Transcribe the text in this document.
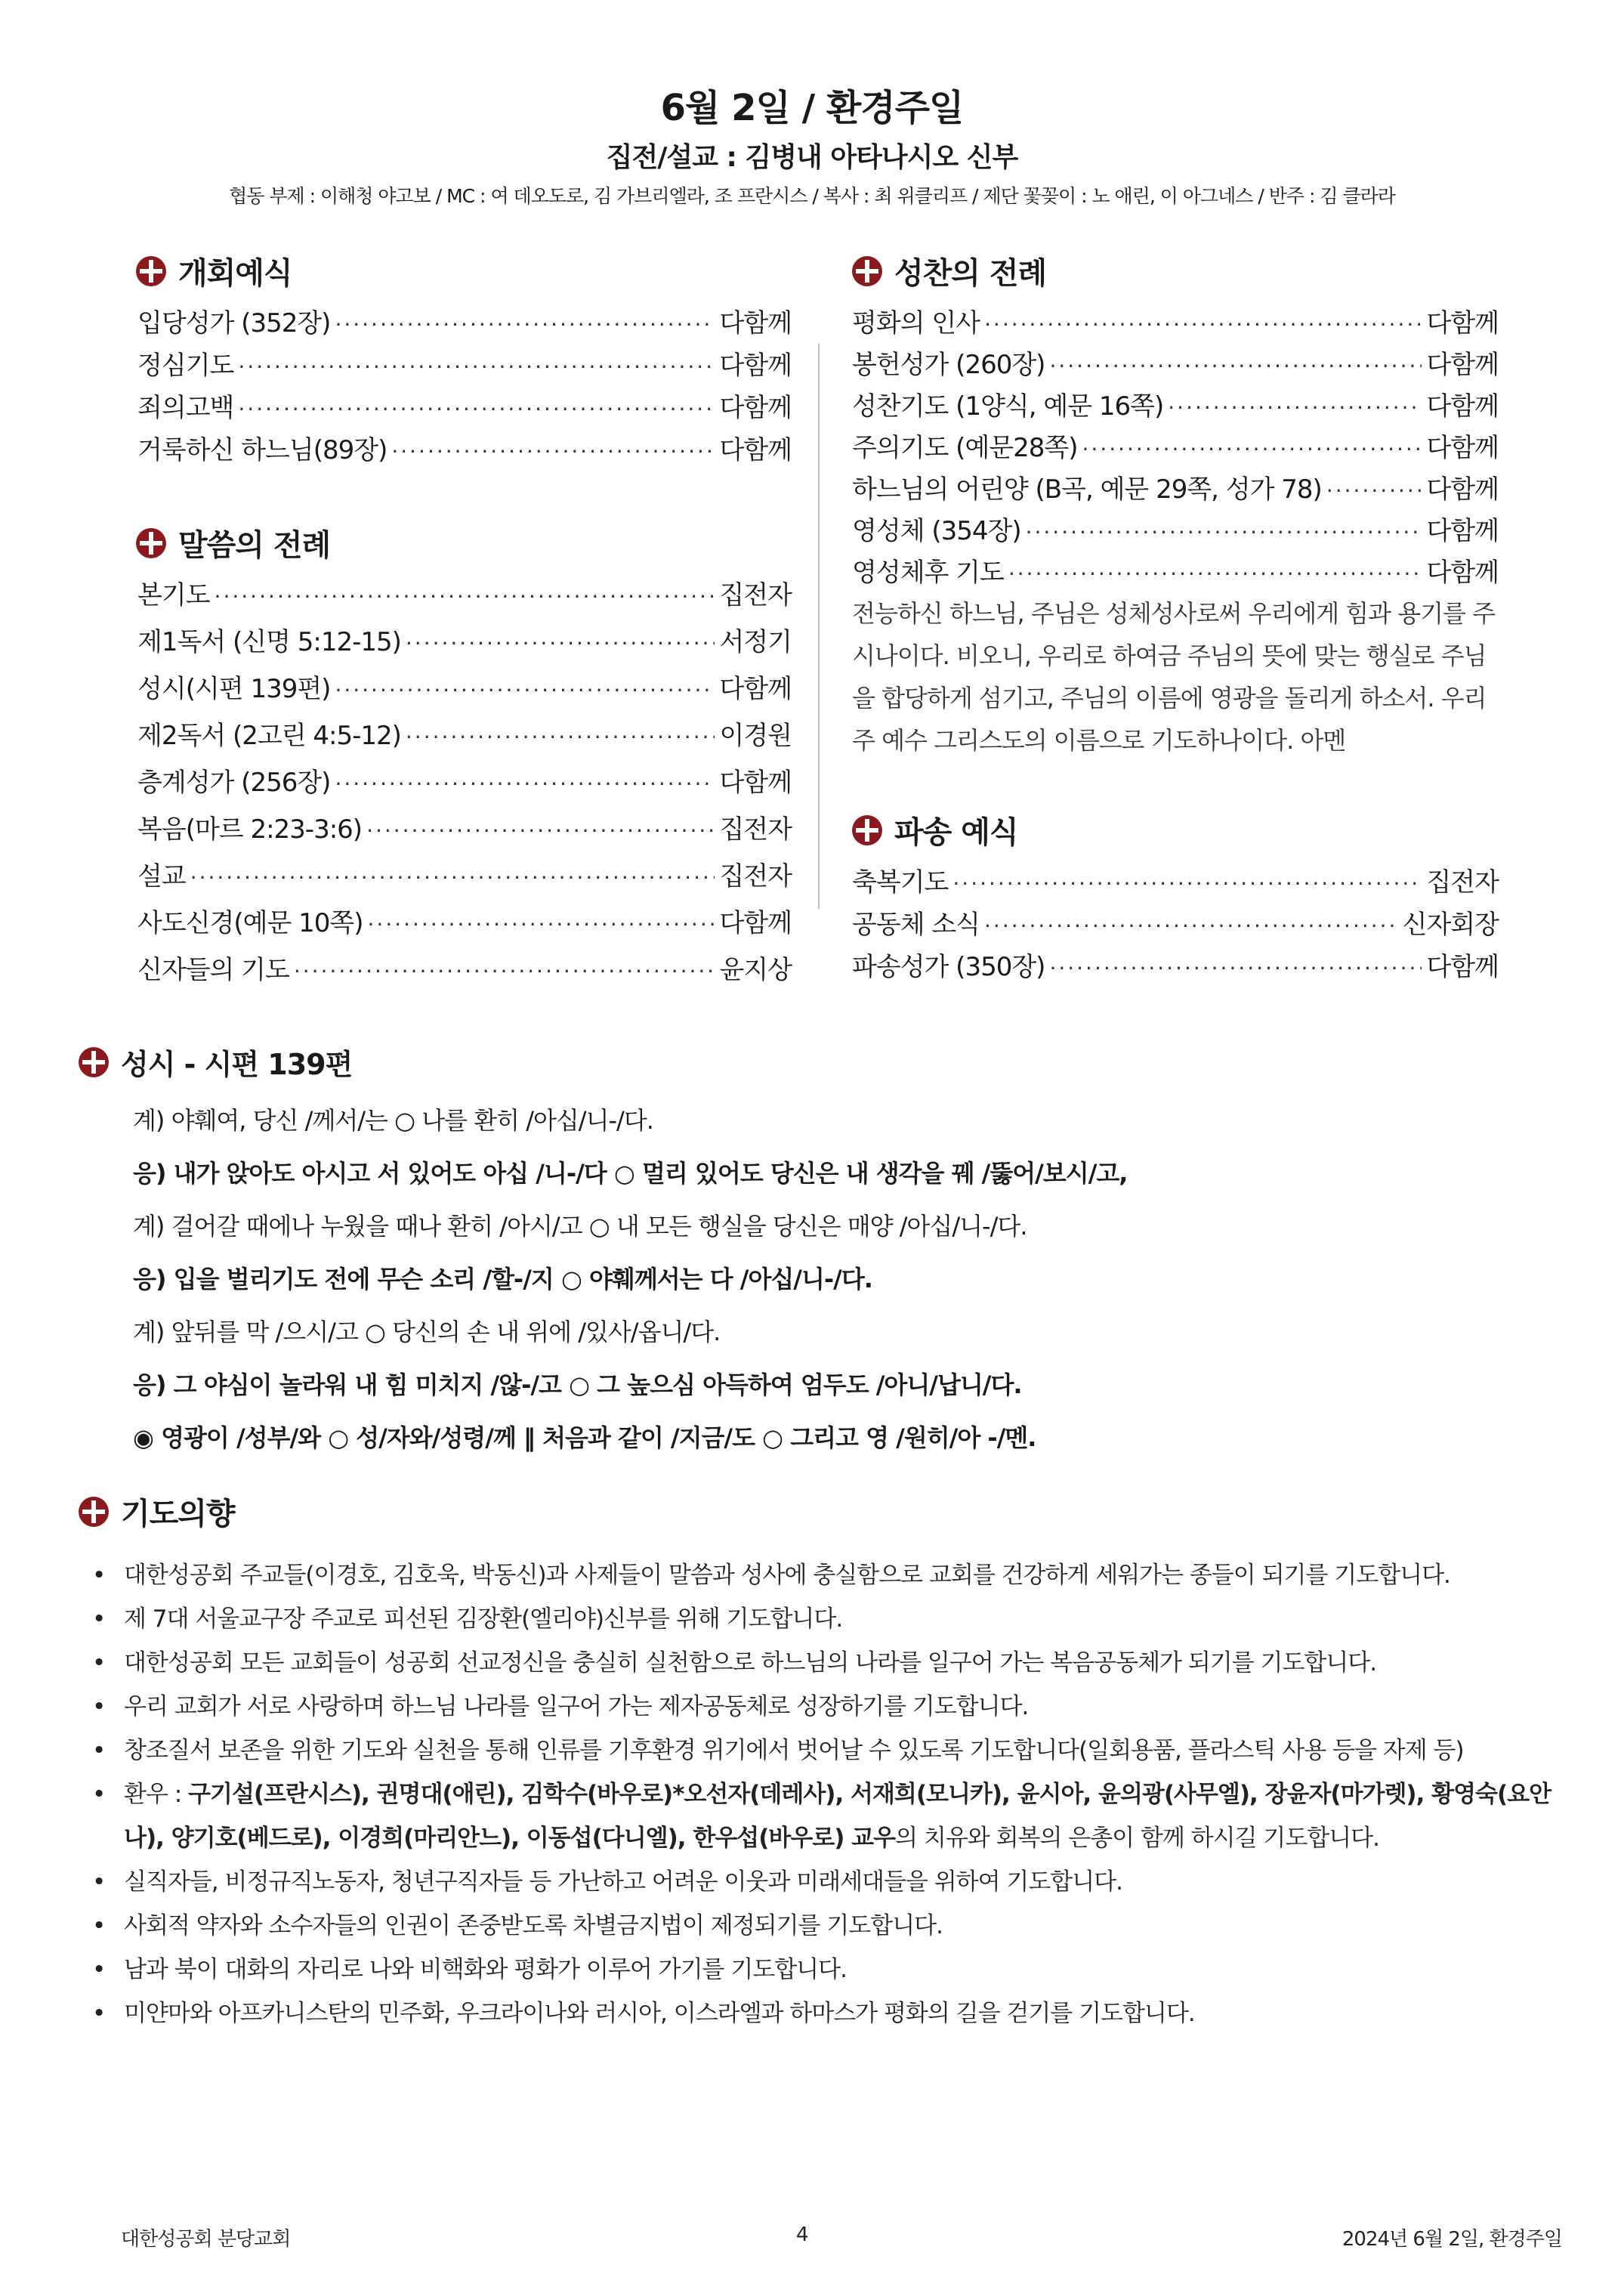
6월 2일 / 환경주일
집전/설교 : 김병내 아타나시오 신부
협동 부제 : 이해청 야고보 / MC : 여 데오도로, 김 가브리엘라, 조 프란시스 / 복사 : 최 위클리프 / 제단 꽃꽂이 : 노 애린, 이 아그네스 / 반주 : 김 클라라
개회예식
입당성가 (352장) ·····	다함께
정심기도 ·····	다함께
죄의고백 ·····	다함께
거룩하신 하느님(89장) ·····	다함께
말씀의 전례
본기도 ·····	집전자
제1독서 (신명 5:12-15) ·····	서정기
성시(시편 139편) ·····	다함께
제2독서 (2고린 4:5-12) ·····	이경원
층계성가 (256장) ·····	다함께
복음(마르 2:23-3:6) ·····	집전자
설교 ·····	집전자
사도신경(예문 10쪽) ·····	다함께
신자들의 기도 ·····	윤지상
성찬의 전례
평화의 인사 ·····	다함께
봉헌성가 (260장) ·····	다함께
성찬기도 (1양식, 예문 16쪽) ·····	다함께
주의기도 (예문28쪽) ·····	다함께
하느님의 어린양 (B곡, 예문 29쪽, 성가 78) ·····	다함께
영성체 (354장) ·····	다함께
영성체후 기도 ·····	다함께
전능하신 하느님, 주님은 성체성사로써 우리에게 힘과 용기를 주시나이다. 비오니, 우리로 하여금 주님의 뜻에 맞는 행실로 주님을 합당하게 섬기고, 주님의 이름에 영광을 돌리게 하소서. 우리 주 예수 그리스도의 이름으로 기도하나이다. 아멘
파송 예식
축복기도 ·····	집전자
공동체 소식 ·····	신자회장
파송성가 (350장) ·····	다함께
성시 - 시편 139편
계) 야훼여, 당신 /께서/는 ○ 나를 환히 /아십/니-/다.
응) 내가 앉아도 아시고 서 있어도 아십 /니-/다 ○ 멀리 있어도 당신은 내 생각을 꿰 /뚫어/보시/고,
계) 걸어갈 때에나 누웠을 때나 환히 /아시/고 ○ 내 모든 행실을 당신은 매양 /아십/니-/다.
응) 입을 벌리기도 전에 무슨 소리 /할-/지 ○ 야훼께서는 다 /아십/니-/다.
계) 앞뒤를 막 /으시/고 ○ 당신의 손 내 위에 /있사/옵니/다.
응) 그 야심이 놀라워 내 힘 미치지 /않-/고 ○ 그 높으심 아득하여 엄두도 /아니/납니/다.
◉ 영광이 /성부/와 ○ 성/자와/성령/께 ‖ 처음과 같이 /지금/도 ○ 그리고 영 /원히/아 -/멘.
기도의향
• 대한성공회 주교들(이경호, 김호욱, 박동신)과 사제들이 말씀과 성사에 충실함으로 교회를 건강하게 세워가는 종들이 되기를 기도합니다.
• 제 7대 서울교구장 주교로 피선된 김장환(엘리야)신부를 위해 기도합니다.
• 대한성공회 모든 교회들이 성공회 선교정신을 충실히 실천함으로 하느님의 나라를 일구어 가는 복음공동체가 되기를 기도합니다.
• 우리 교회가 서로 사랑하며 하느님 나라를 일구어 가는 제자공동체로 성장하기를 기도합니다.
• 창조질서 보존을 위한 기도와 실천을 통해 인류를 기후환경 위기에서 벗어날 수 있도록 기도합니다(일회용품, 플라스틱 사용 등을 자제 등)
• 환우 : 구기설(프란시스), 권명대(애린), 김학수(바우로)*오선자(데레사), 서재희(모니카), 윤시아, 윤의광(사무엘), 장윤자(마가렛), 황영숙(요안나), 양기호(베드로), 이경희(마리안느), 이동섭(다니엘), 한우섭(바우로) 교우의 치유와 회복의 은총이 함께 하시길 기도합니다.
• 실직자들, 비정규직노동자, 청년구직자들 등 가난하고 어려운 이웃과 미래세대들을 위하여 기도합니다.
• 사회적 약자와 소수자들의 인권이 존중받도록 차별금지법이 제정되기를 기도합니다.
• 남과 북이 대화의 자리로 나와 비핵화와 평화가 이루어 가기를 기도합니다.
• 미얀마와 아프카니스탄의 민주화, 우크라이나와 러시아, 이스라엘과 하마스가 평화의 길을 걷기를 기도합니다.
대한성공회 분당교회	4	2024년 6월 2일, 환경주일
